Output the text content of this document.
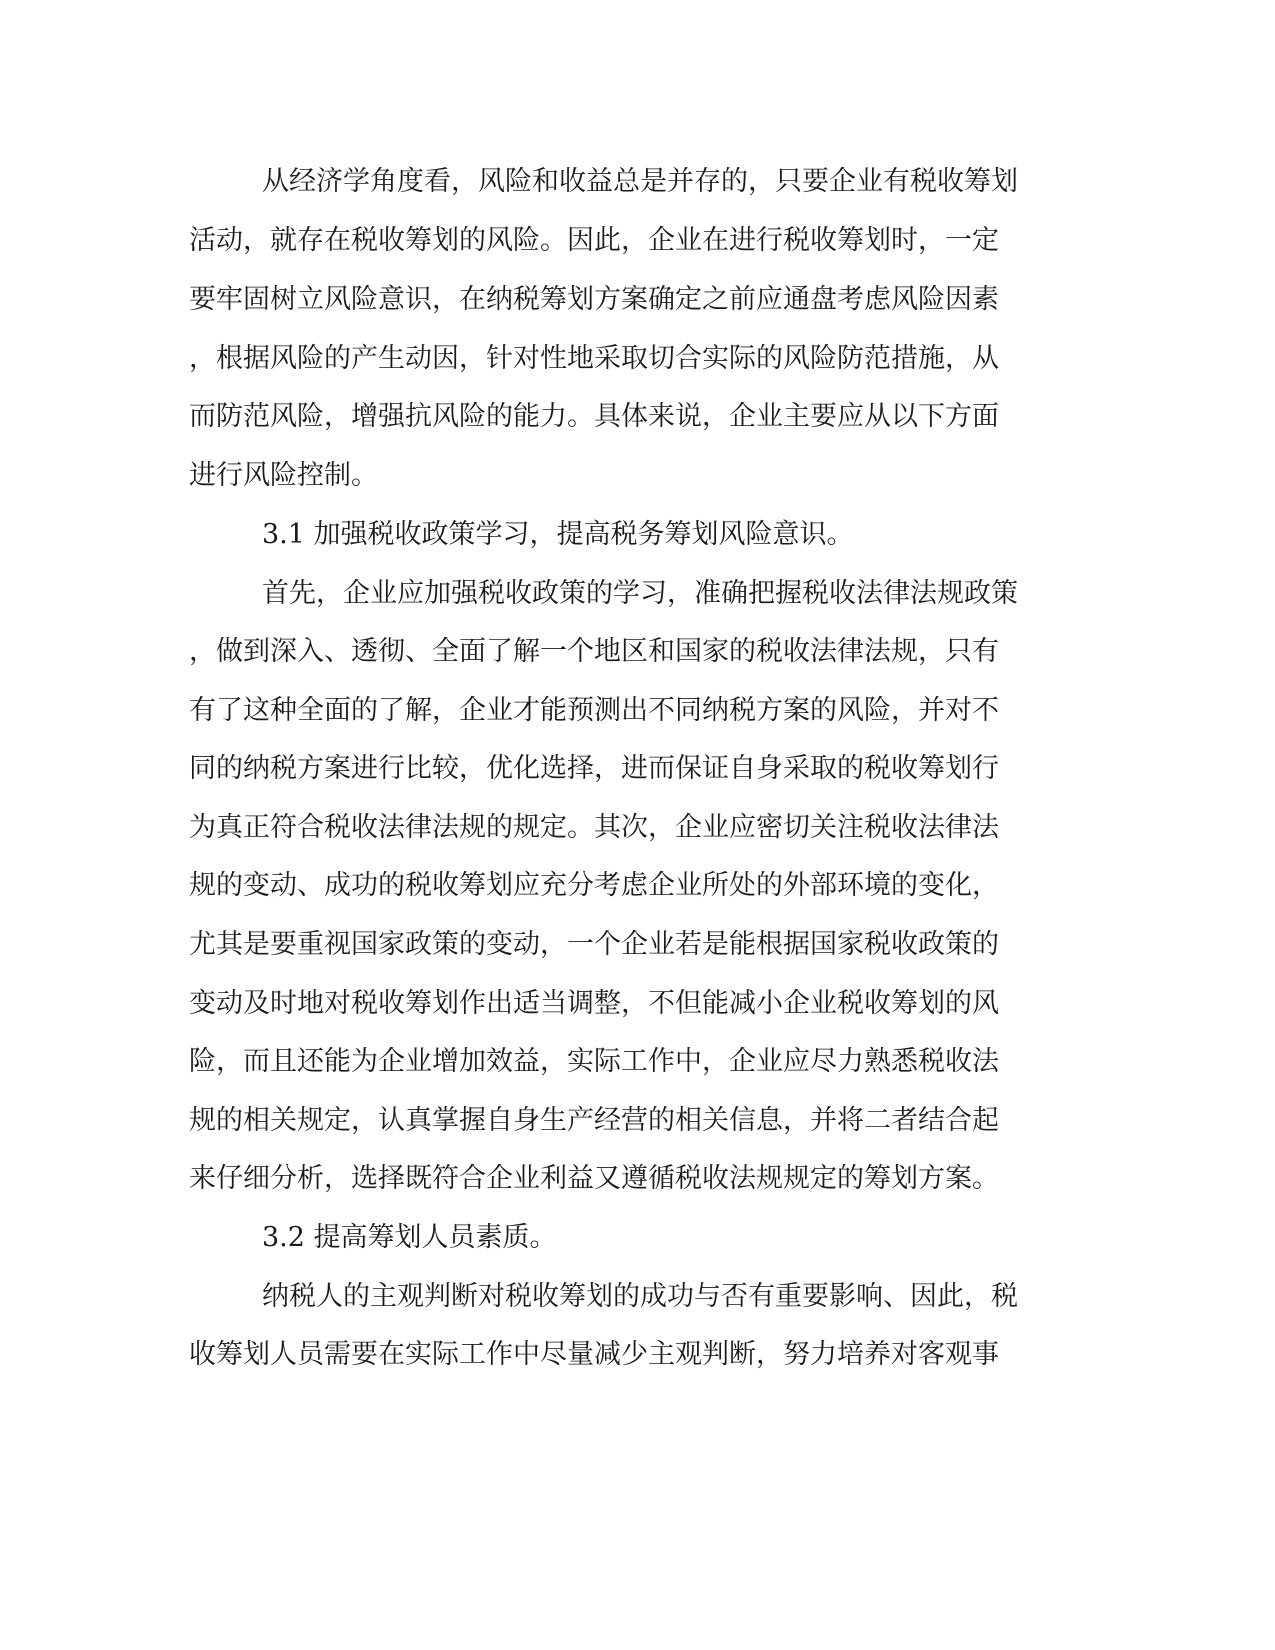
从经济学角度看，风险和收益总是并存的，只要企业有税收筹划

活动，就存在税收筹划的风险。因此，企业在进行税收筹划时，一定

要牢固树立风险意识，在纳税筹划方案确定之前应通盘考虑风险因素

，根据风险的产生动因，针对性地采取切合实际的风险防范措施，从

而防范风险，增强抗风险的能力。具体来说，企业主要应从以下方面

进行风险控制。

3.1 加强税收政策学习，提高税务筹划风险意识。

首先，企业应加强税收政策的学习，准确把握税收法律法规政策

，做到深入、透彻、全面了解一个地区和国家的税收法律法规，只有

有了这种全面的了解，企业才能预测出不同纳税方案的风险，并对不

同的纳税方案进行比较，优化选择，进而保证自身采取的税收筹划行

为真正符合税收法律法规的规定。其次，企业应密切关注税收法律法

规的变动、成功的税收筹划应充分考虑企业所处的外部环境的变化，

尤其是要重视国家政策的变动，一个企业若是能根据国家税收政策的

变动及时地对税收筹划作出适当调整，不但能减小企业税收筹划的风

险，而且还能为企业增加效益，实际工作中，企业应尽力熟悉税收法

规的相关规定，认真掌握自身生产经营的相关信息，并将二者结合起

来仔细分析，选择既符合企业利益又遵循税收法规规定的筹划方案。

3.2 提高筹划人员素质。

纳税人的主观判断对税收筹划的成功与否有重要影响、因此，税

收筹划人员需要在实际工作中尽量减少主观判断，努力培养对客观事
